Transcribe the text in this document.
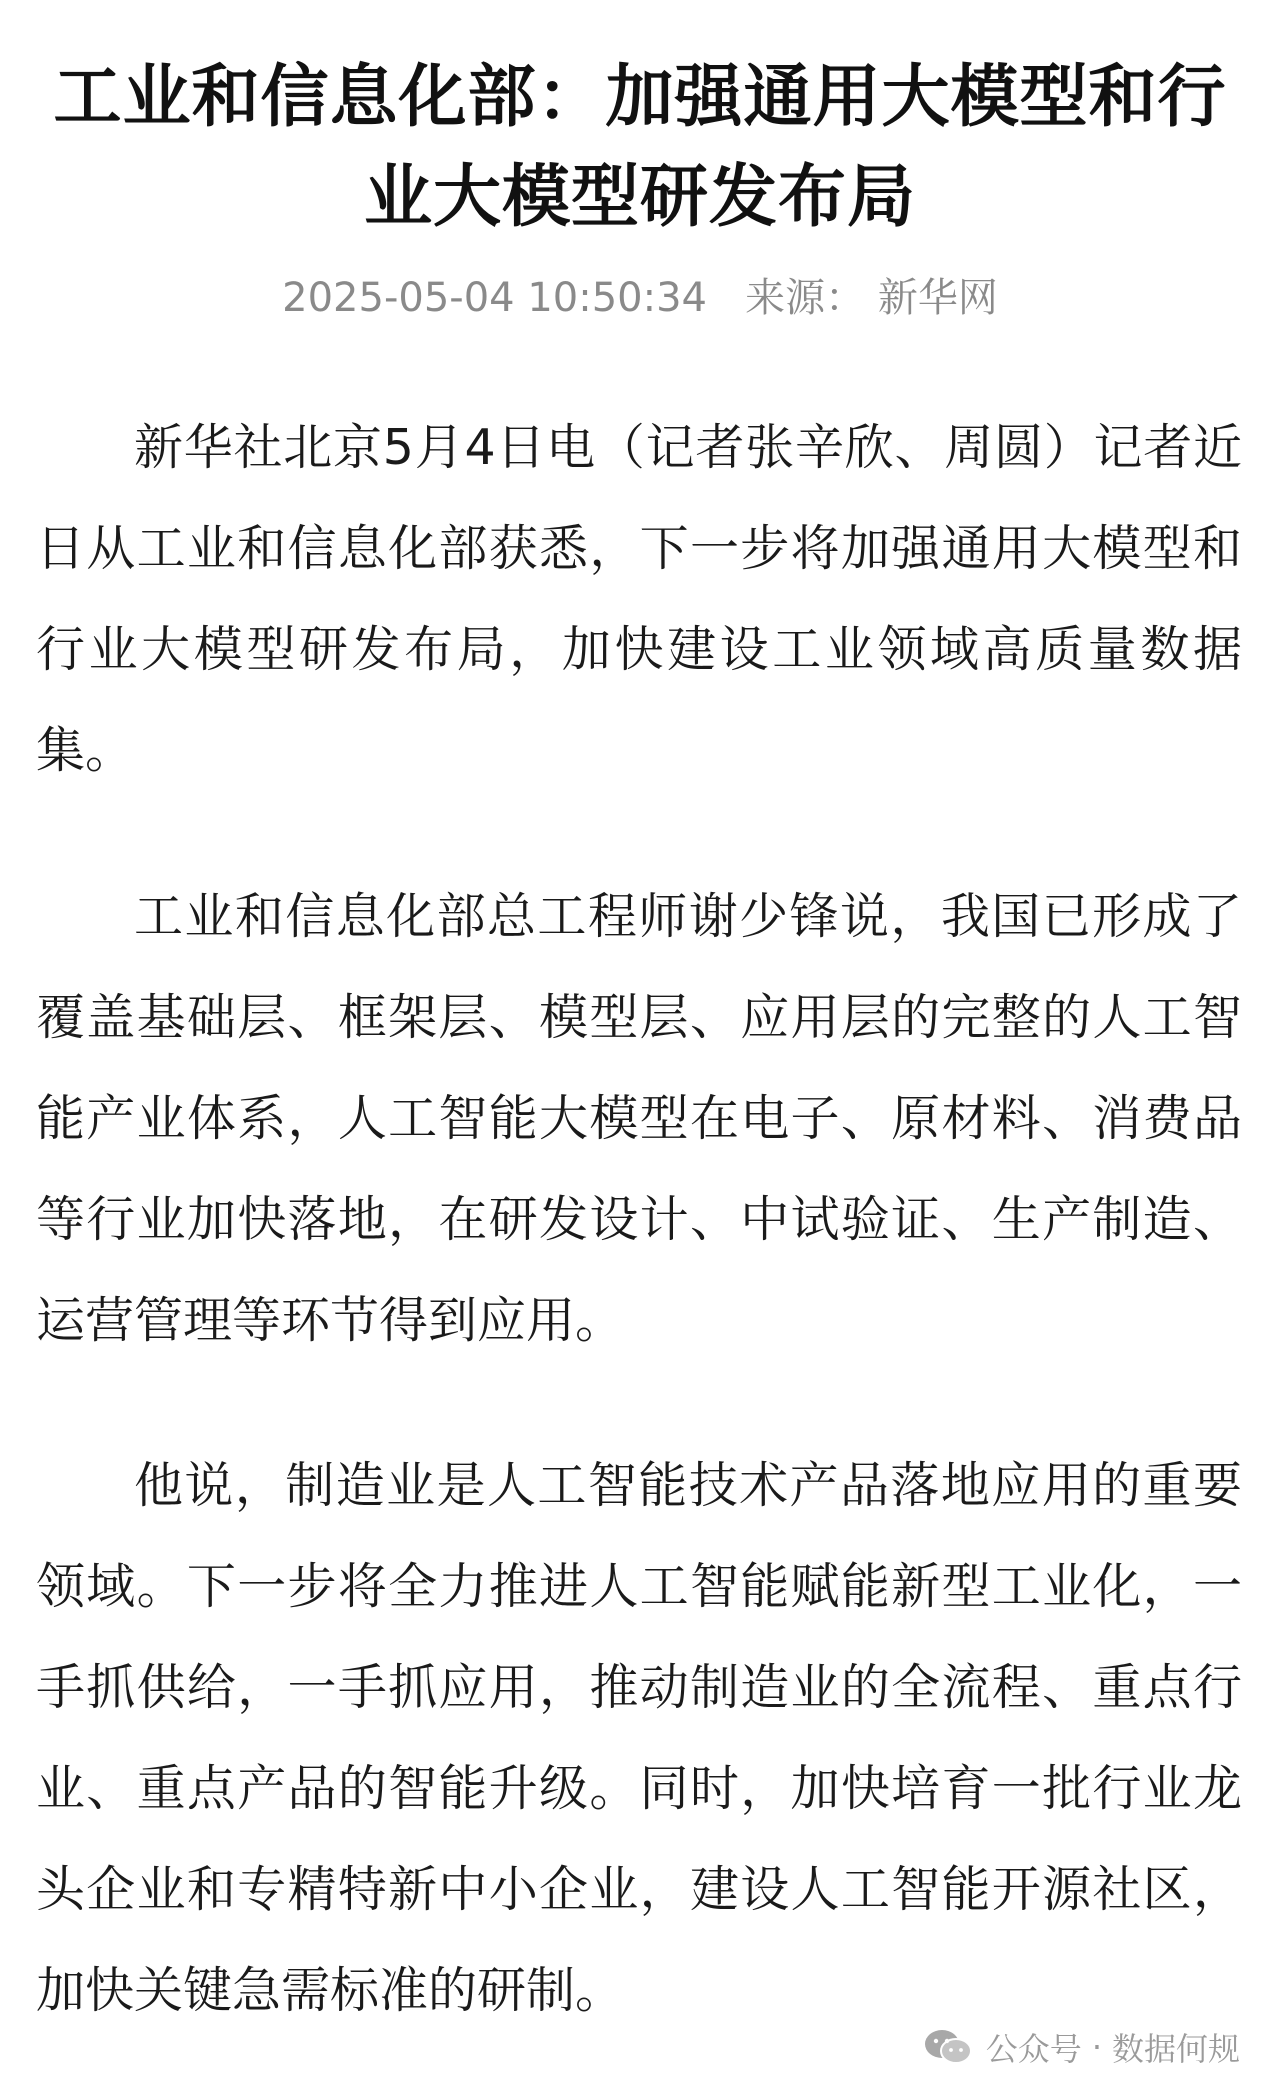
工业和信息化部：加强通用大模型和行业大模型研发布局
2025-05-04 10:50:34 来源： 新华网

新华社北京5月4日电（记者张辛欣、周圆）记者近日从工业和信息化部获悉，下一步将加强通用大模型和行业大模型研发布局，加快建设工业领域高质量数据集。

工业和信息化部总工程师谢少锋说，我国已形成了覆盖基础层、框架层、模型层、应用层的完整的人工智能产业体系，人工智能大模型在电子、原材料、消费品等行业加快落地，在研发设计、中试验证、生产制造、运营管理等环节得到应用。

他说，制造业是人工智能技术产品落地应用的重要领域。下一步将全力推进人工智能赋能新型工业化，一手抓供给，一手抓应用，推动制造业的全流程、重点行业、重点产品的智能升级。同时，加快培育一批行业龙头企业和专精特新中小企业，建设人工智能开源社区，加快关键急需标准的研制。

公众号 · 数据何规
